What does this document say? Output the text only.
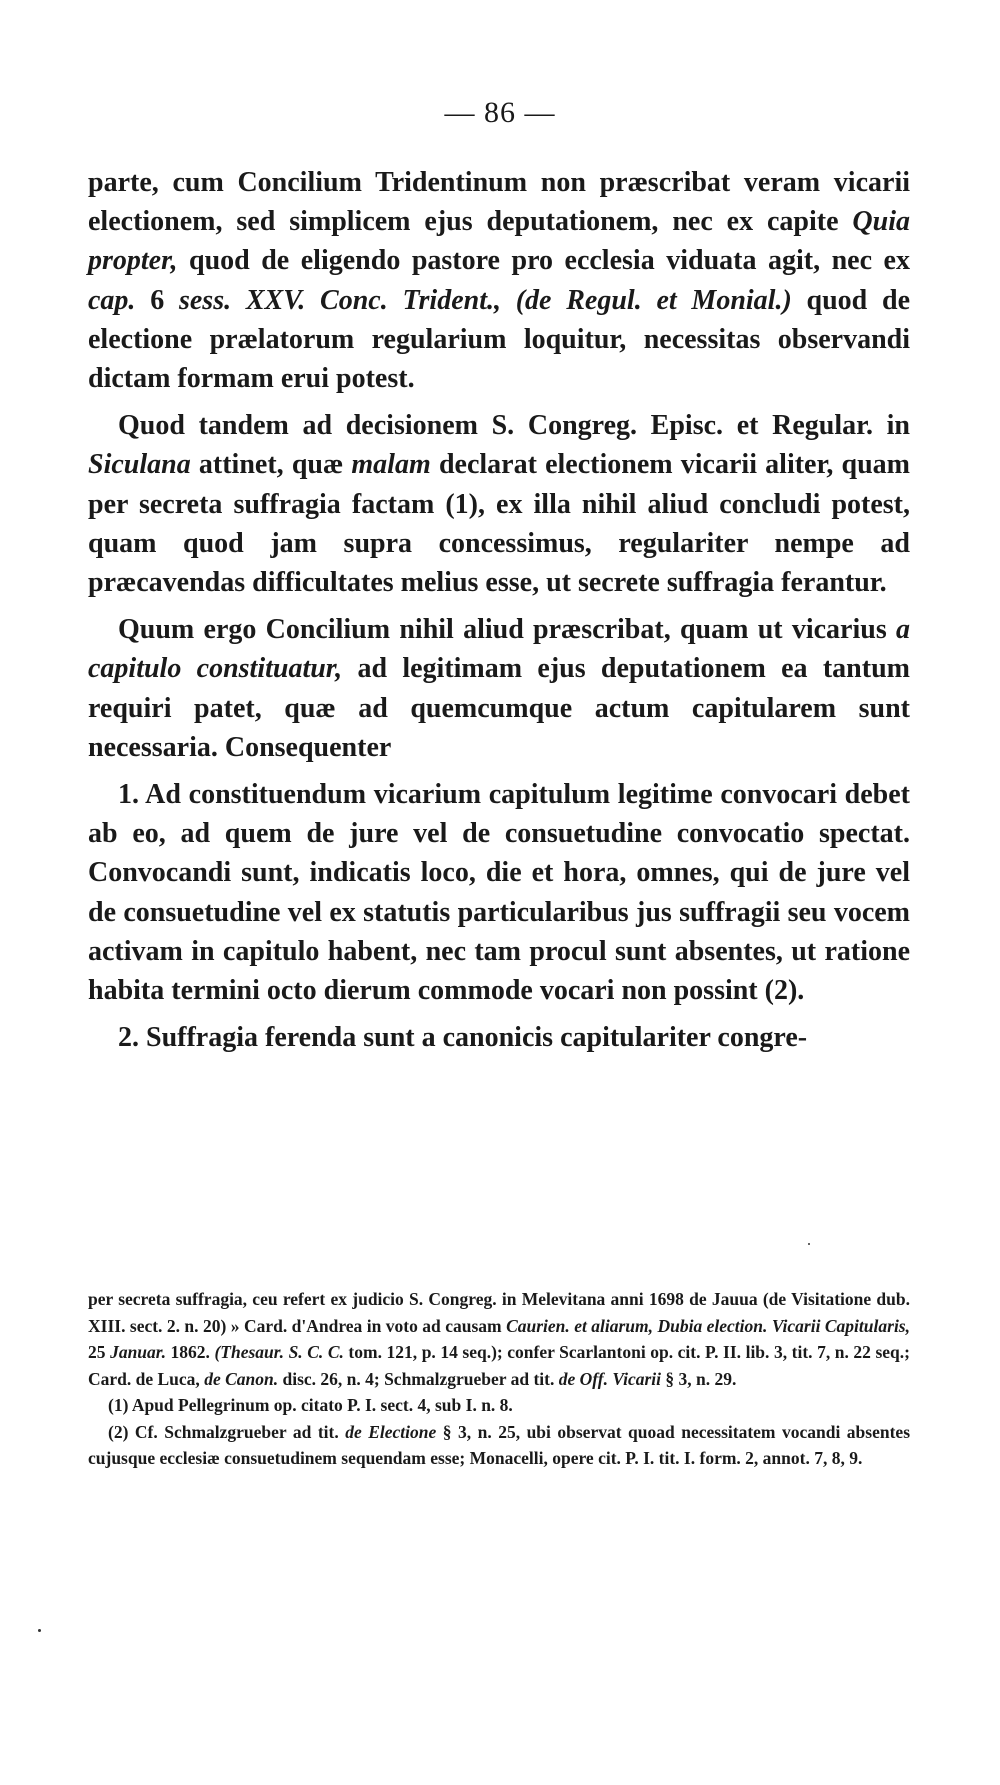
— 86 —

parte, cum Concilium Tridentinum non præscribat veram vicarii electionem, sed simplicem ejus deputationem, nec ex capite Quia propter, quod de eligendo pastore pro ecclesia viduata agit, nec ex cap. 6 sess. XXV. Conc. Trident., (de Regul. et Monial.) quod de electione prælatorum regularium loquitur, necessitas observandi dictam formam erui potest.

Quod tandem ad decisionem S. Congreg. Episc. et Regular. in Siculana attinet, quæ malam declarat electionem vicarii aliter, quam per secreta suffragia factam (1), ex illa nihil aliud concludi potest, quam quod jam supra concessimus, regulariter nempe ad præcavendas difficultates melius esse, ut secrete suffragia ferantur.

Quum ergo Concilium nihil aliud præscribat, quam ut vicarius a capitulo constituatur, ad legitimam ejus deputationem ea tantum requiri patet, quæ ad quemcumque actum capitularem sunt necessaria. Consequenter

1. Ad constituendum vicarium capitulum legitime convocari debet ab eo, ad quem de jure vel de consuetudine convocatio spectat. Convocandi sunt, indicatis loco, die et hora, omnes, qui de jure vel de consuetudine vel ex statutis particularibus jus suffragii seu vocem activam in capitulo habent, nec tam procul sunt absentes, ut ratione habita termini octo dierum commode vocari non possint (2).

2. Suffragia ferenda sunt a canonicis capitulariter congre-

per secreta suffragia, ceu refert ex judicio S. Congreg. in Melevitana anni 1698 de Jauua (de Visitatione dub. XIII. sect. 2. n. 20) » Card. d'Andrea in voto ad causam Caurien. et aliarum, Dubia election. Vicarii Capitularis, 25 Januar. 1862. (Thesaur. S. C. C. tom. 121, p. 14 seq.); confer Scarlantoni op. cit. P. II. lib. 3, tit. 7, n. 22 seq.; Card. de Luca, de Canon. disc. 26, n. 4; Schmalzgrueber ad tit. de Off. Vicarii § 3, n. 29.

(1) Apud Pellegrinum op. citato P. I. sect. 4, sub I. n. 8.

(2) Cf. Schmalzgrueber ad tit. de Electione § 3, n. 25, ubi observat quoad necessitatem vocandi absentes cujusque ecclesiæ consuetudinem sequendam esse; Monacelli, opere cit. P. I. tit. I. form. 2, annot. 7, 8, 9.
